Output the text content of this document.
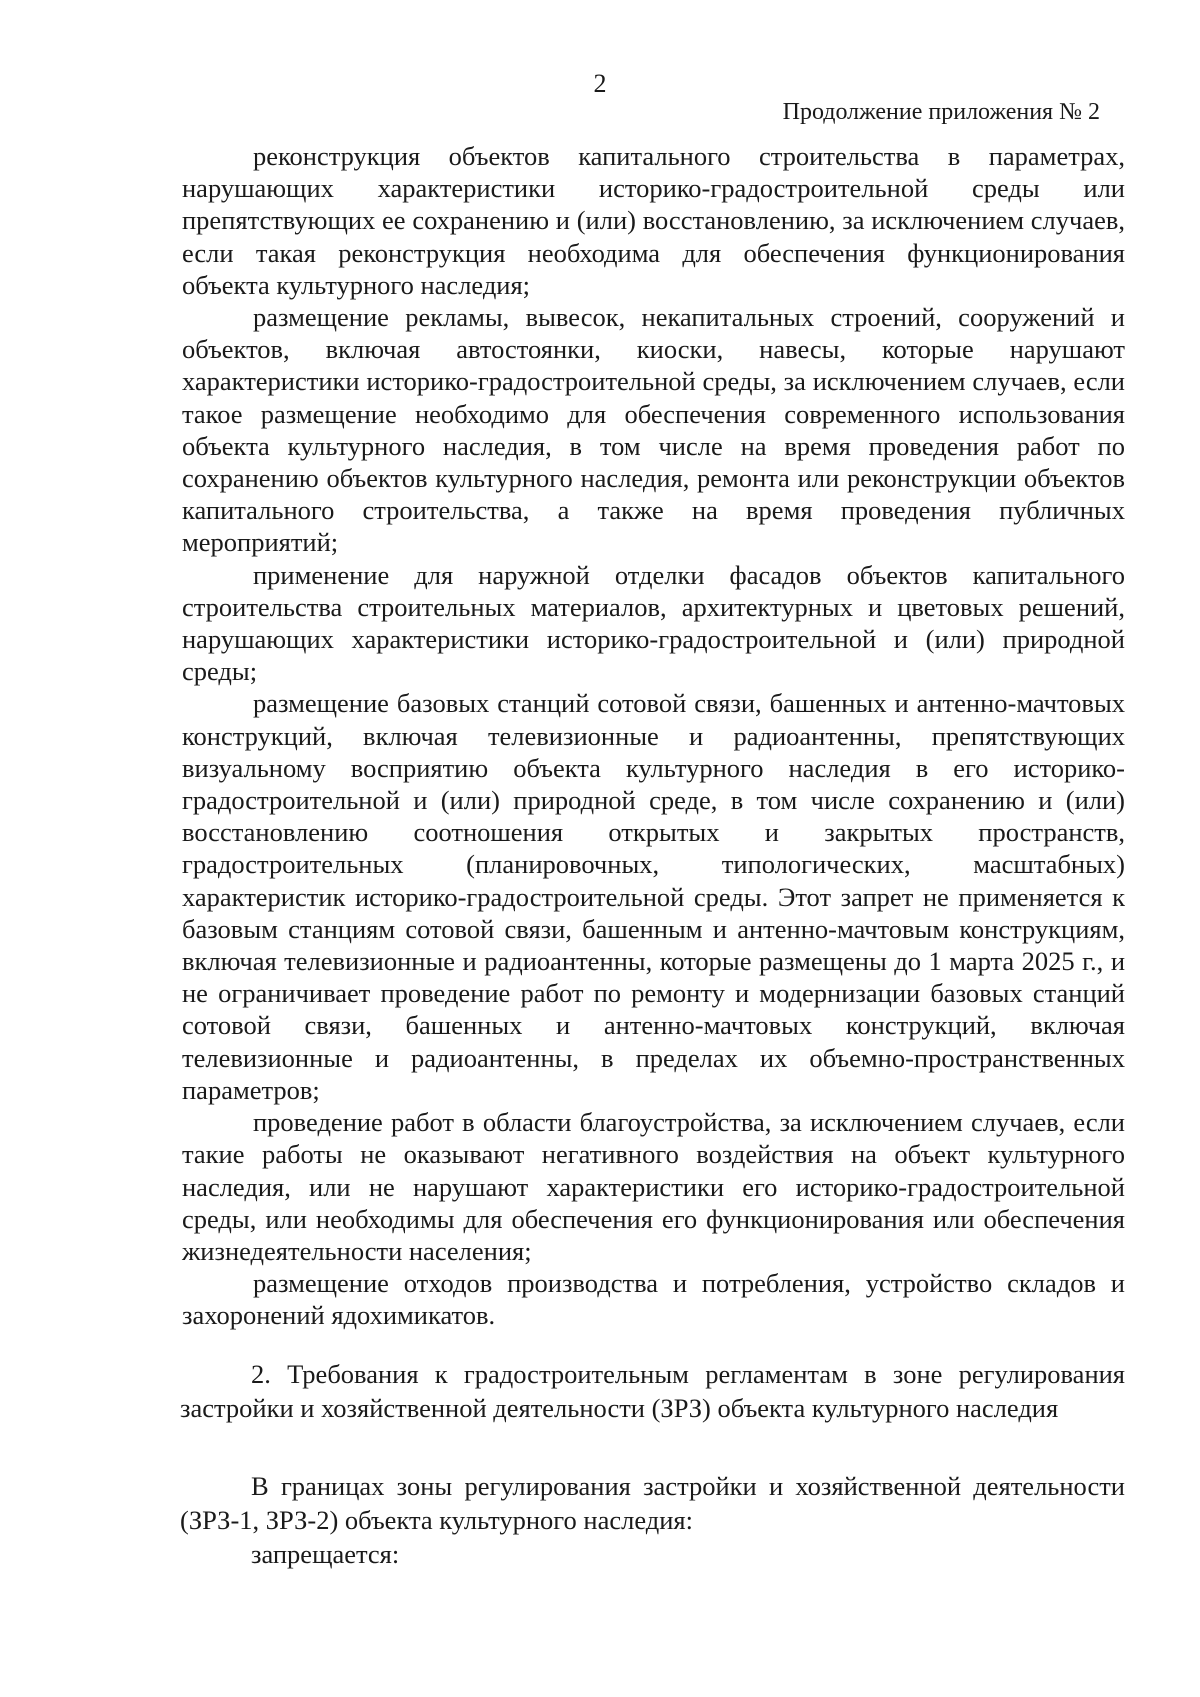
2
Продолжение приложения № 2

реконструкция объектов капитального строительства в параметрах, нарушающих характеристики историко-градостроительной среды или препятствующих ее сохранению и (или) восстановлению, за исключением случаев, если такая реконструкция необходима для обеспечения функционирования объекта культурного наследия;

размещение рекламы, вывесок, некапитальных строений, сооружений и объектов, включая автостоянки, киоски, навесы, которые нарушают характеристики историко-градостроительной среды, за исключением случаев, если такое размещение необходимо для обеспечения современного использования объекта культурного наследия, в том числе на время проведения работ по сохранению объектов культурного наследия, ремонта или реконструкции объектов капитального строительства, а также на время проведения публичных мероприятий;

применение для наружной отделки фасадов объектов капитального строительства строительных материалов, архитектурных и цветовых решений, нарушающих характеристики историко-градостроительной и (или) природной среды;

размещение базовых станций сотовой связи, башенных и антенно-мачтовых конструкций, включая телевизионные и радиоантенны, препятствующих визуальному восприятию объекта культурного наследия в его историко-градостроительной и (или) природной среде, в том числе сохранению и (или) восстановлению соотношения открытых и закрытых пространств, градостроительных (планировочных, типологических, масштабных) характеристик историко-градостроительной среды. Этот запрет не применяется к базовым станциям сотовой связи, башенным и антенно-мачтовым конструкциям, включая телевизионные и радиоантенны, которые размещены до 1 марта 2025 г., и не ограничивает проведение работ по ремонту и модернизации базовых станций сотовой связи, башенных и антенно-мачтовых конструкций, включая телевизионные и радиоантенны, в пределах их объемно-пространственных параметров;

проведение работ в области благоустройства, за исключением случаев, если такие работы не оказывают негативного воздействия на объект культурного наследия, или не нарушают характеристики его историко-градостроительной среды, или необходимы для обеспечения его функционирования или обеспечения жизнедеятельности населения;

размещение отходов производства и потребления, устройство складов и захоронений ядохимикатов.

2. Требования к градостроительным регламентам в зоне регулирования застройки и хозяйственной деятельности (ЗРЗ) объекта культурного наследия

В границах зоны регулирования застройки и хозяйственной деятельности (ЗРЗ-1, ЗРЗ-2) объекта культурного наследия:

запрещается:
